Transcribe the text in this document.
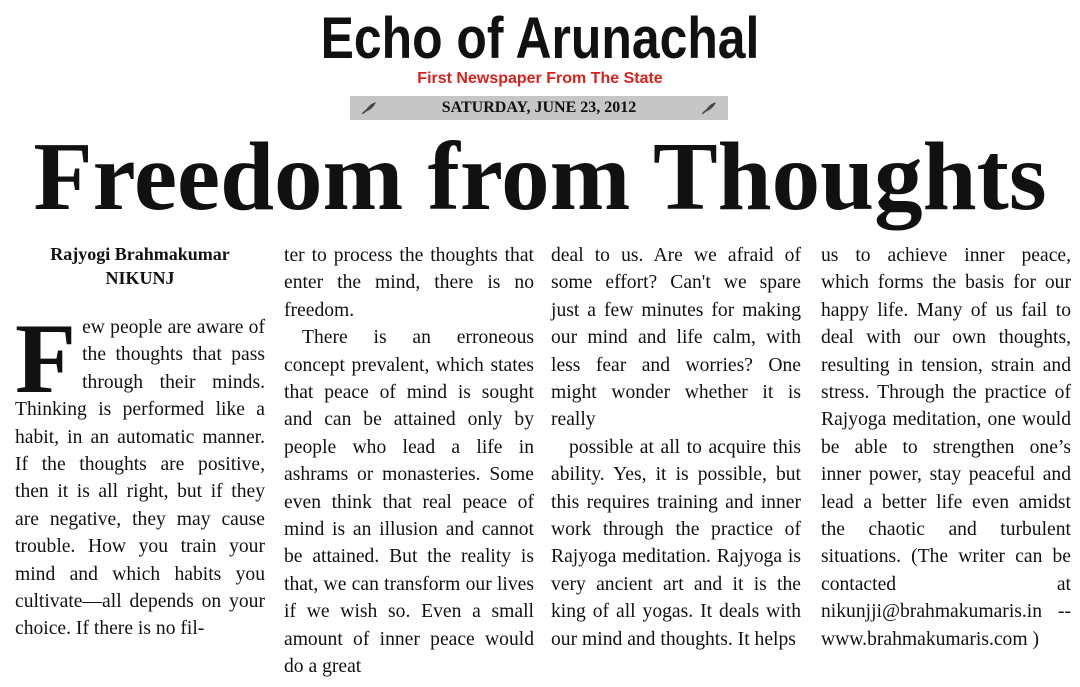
Echo of Arunachal
First Newspaper From The State
SATURDAY, JUNE 23, 2012
Freedom from Thoughts
Rajyogi Brahmakumar
NIKUNJ

Few people are aware of the thoughts that pass through their minds. Thinking is performed like a habit, in an automatic manner. If the thoughts are positive, then it is all right, but if they are negative, they may cause trouble. How you train your mind and which habits you cultivate—all depends on your choice. If there is no fil-

ter to process the thoughts that enter the mind, there is no freedom.

There is an erroneous concept prevalent, which states that peace of mind is sought and can be attained only by people who lead a life in ashrams or monasteries. Some even think that real peace of mind is an illusion and cannot be attained. But the reality is that, we can transform our lives if we wish so. Even a small amount of inner peace would do a great

deal to us. Are we afraid of some effort? Can't we spare just a few minutes for making our mind and life calm, with less fear and worries? One might wonder whether it is really

possible at all to acquire this ability. Yes, it is possible, but this requires training and inner work through the practice of Rajyoga meditation. Rajyoga is very ancient art and it is the king of all yogas. It deals with our mind and thoughts. It helps

us to achieve inner peace, which forms the basis for our happy life. Many of us fail to deal with our own thoughts, resulting in tension, strain and stress. Through the practice of Rajyoga meditation, one would be able to strengthen one’s inner power, stay peaceful and lead a better life even amidst the chaotic and turbulent situations. (The writer can be contacted at nikunjji@brahmakumaris.in --www.brahmakumaris.com )
